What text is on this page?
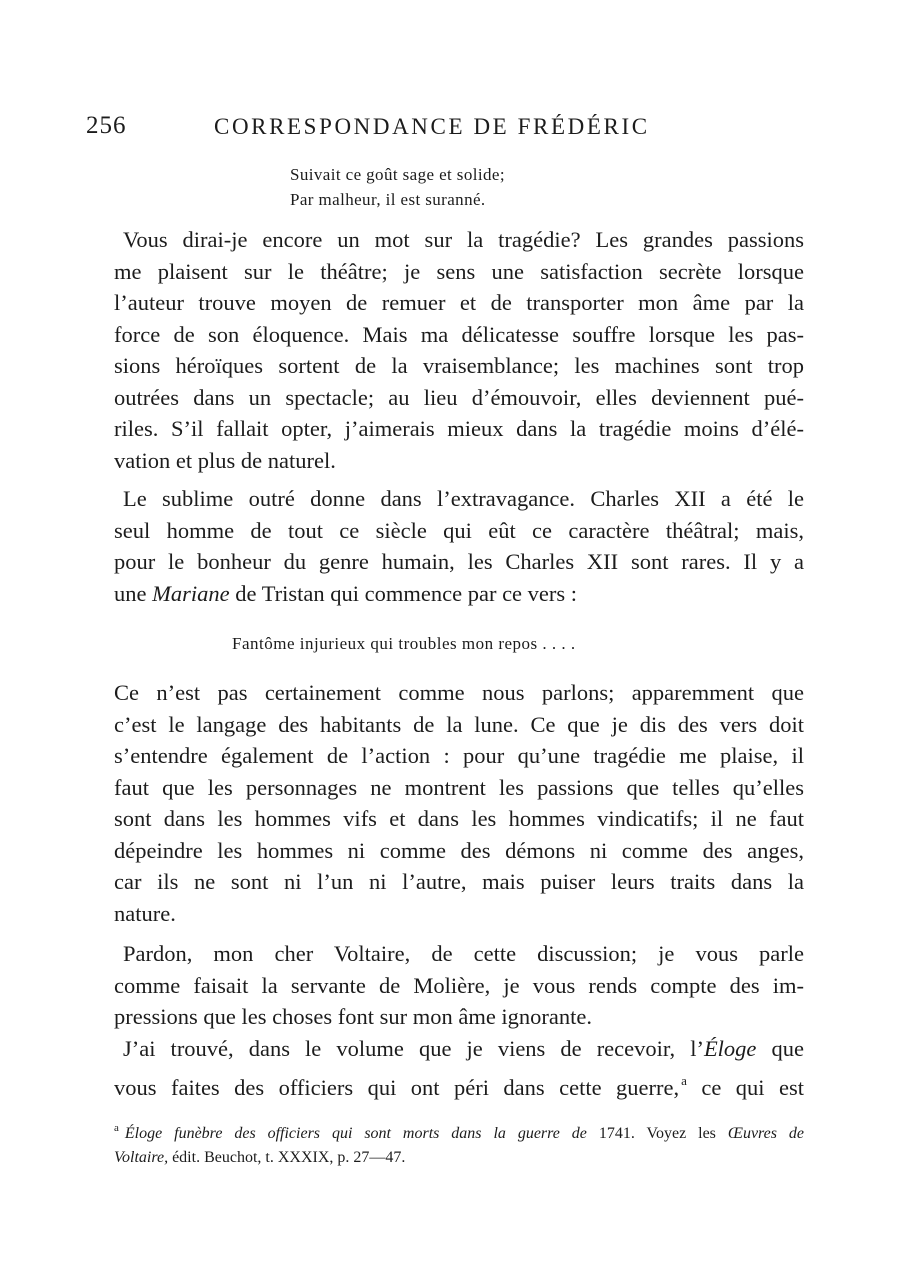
256	CORRESPONDANCE DE FRÉDÉRIC
Suivait ce goût sage et solide;
Par malheur, il est suranné.
Vous dirai-je encore un mot sur la tragédie? Les grandes passions
me plaisent sur le théâtre; je sens une satisfaction secrète lorsque
l’auteur trouve moyen de remuer et de transporter mon âme par la
force de son éloquence. Mais ma délicatesse souffre lorsque les pas-
sions héroïques sortent de la vraisemblance; les machines sont trop
outrées dans un spectacle; au lieu d’émouvoir, elles deviennent pué-
riles. S’il fallait opter, j’aimerais mieux dans la tragédie moins d’élé-
vation et plus de naturel.
Le sublime outré donne dans l’extravagance. Charles XII a été le
seul homme de tout ce siècle qui eût ce caractère théâtral; mais,
pour le bonheur du genre humain, les Charles XII sont rares. Il y a
une Mariane de Tristan qui commence par ce vers :
Fantôme injurieux qui troubles mon repos . . . .
Ce n’est pas certainement comme nous parlons; apparemment que
c’est le langage des habitants de la lune. Ce que je dis des vers doit
s’entendre également de l’action : pour qu’une tragédie me plaise, il
faut que les personnages ne montrent les passions que telles qu’elles
sont dans les hommes vifs et dans les hommes vindicatifs; il ne faut
dépeindre les hommes ni comme des démons ni comme des anges,
car ils ne sont ni l’un ni l’autre, mais puiser leurs traits dans la
nature.
Pardon, mon cher Voltaire, de cette discussion; je vous parle
comme faisait la servante de Molière, je vous rends compte des im-
pressions que les choses font sur mon âme ignorante.
J’ai trouvé, dans le volume que je viens de recevoir, l’Éloge que
vous faites des officiers qui ont péri dans cette guerre, $^a$ ce qui est
$^a$ Éloge funèbre des officiers qui sont morts dans la guerre de 1741. Voyez les Œuvres de
Voltaire, édit. Beuchot, t. XXXIX, p. 27—47.
